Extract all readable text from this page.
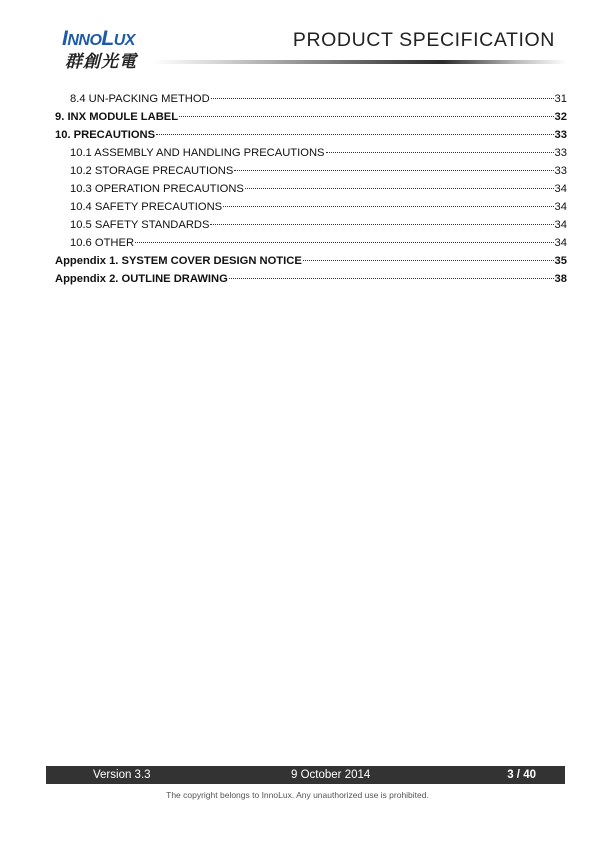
INNOLUX
群創光電
PRODUCT SPECIFICATION
8.4 UN-PACKING METHOD	31
9. INX MODULE LABEL	32
10. PRECAUTIONS	33
10.1 ASSEMBLY AND HANDLING PRECAUTIONS	33
10.2 STORAGE PRECAUTIONS	33
10.3 OPERATION PRECAUTIONS	34
10.4 SAFETY PRECAUTIONS	34
10.5 SAFETY STANDARDS	34
10.6 OTHER	34
Appendix 1. SYSTEM COVER DESIGN NOTICE	35
Appendix 2. OUTLINE DRAWING	38
Version 3.3	9 October 2014	3 / 40
The copyright belongs to InnoLux. Any unauthorized use is prohibited.
